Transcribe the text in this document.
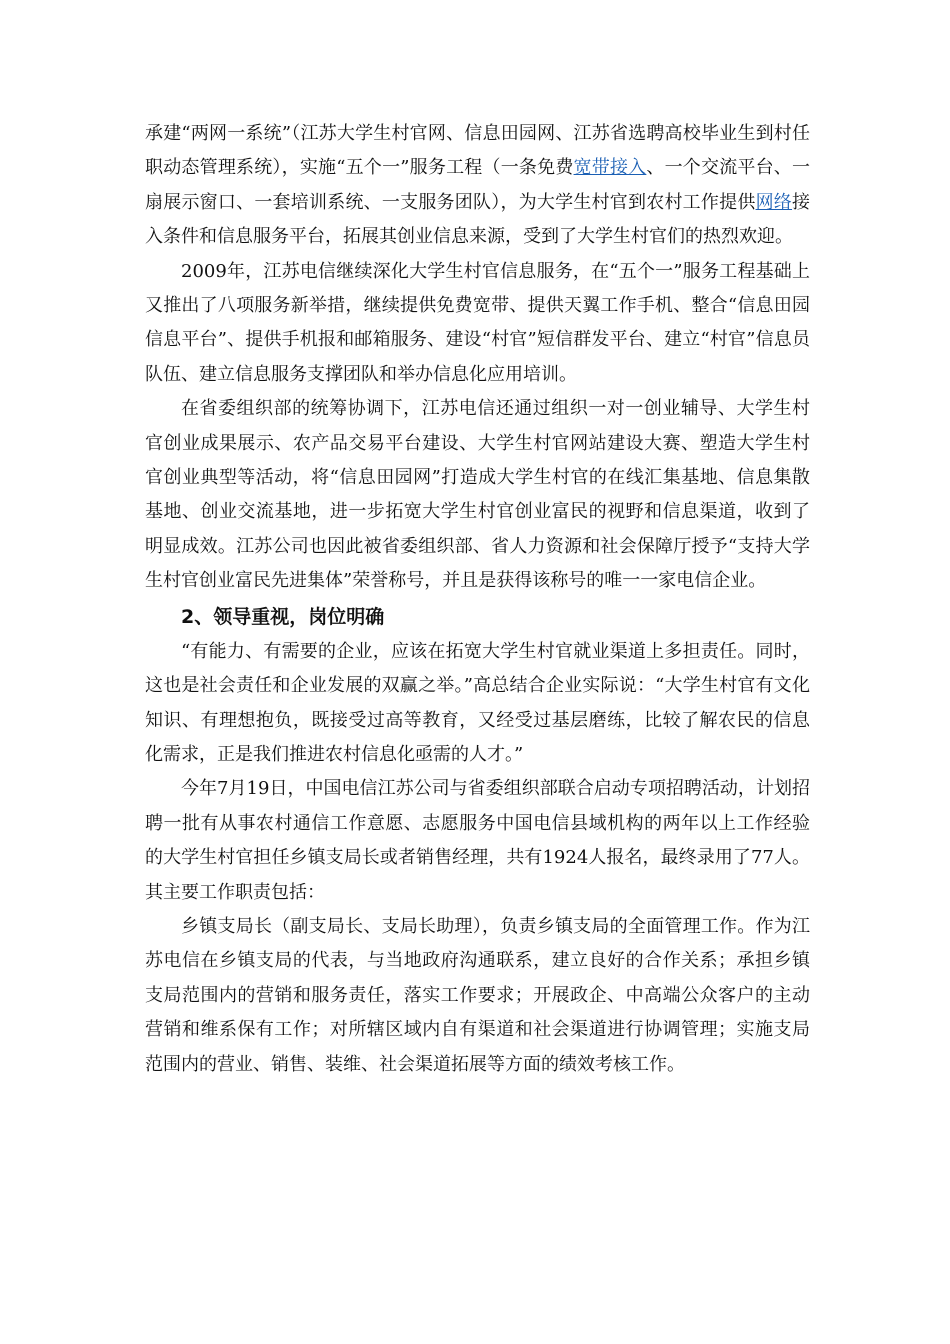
承建“两网一系统”（江苏大学生村官网、信息田园网、江苏省选聘高校毕业生到村任职动态管理系统），实施“五个一”服务工程（一条免费宽带接入、一个交流平台、一扇展示窗口、一套培训系统、一支服务团队），为大学生村官到农村工作提供网络接入条件和信息服务平台，拓展其创业信息来源，受到了大学生村官们的热烈欢迎。

2009年，江苏电信继续深化大学生村官信息服务，在“五个一”服务工程基础上又推出了八项服务新举措，继续提供免费宽带、提供天翼工作手机、整合“信息田园信息平台”、提供手机报和邮箱服务、建设“村官”短信群发平台、建立“村官”信息员队伍、建立信息服务支撑团队和举办信息化应用培训。

在省委组织部的统筹协调下，江苏电信还通过组织一对一创业辅导、大学生村官创业成果展示、农产品交易平台建设、大学生村官网站建设大赛、塑造大学生村官创业典型等活动，将“信息田园网”打造成大学生村官的在线汇集基地、信息集散基地、创业交流基地，进一步拓宽大学生村官创业富民的视野和信息渠道，收到了明显成效。江苏公司也因此被省委组织部、省人力资源和社会保障厅授予“支持大学生村官创业富民先进集体”荣誉称号，并且是获得该称号的唯一一家电信企业。

2、领导重视，岗位明确

“有能力、有需要的企业，应该在拓宽大学生村官就业渠道上多担责任。同时，这也是社会责任和企业发展的双赢之举。”高总结合企业实际说：“大学生村官有文化知识、有理想抱负，既接受过高等教育，又经受过基层磨练，比较了解农民的信息化需求，正是我们推进农村信息化亟需的人才。”

今年7月19日，中国电信江苏公司与省委组织部联合启动专项招聘活动，计划招聘一批有从事农村通信工作意愿、志愿服务中国电信县域机构的两年以上工作经验的大学生村官担任乡镇支局长或者销售经理，共有1924人报名，最终录用了77人。其主要工作职责包括：

乡镇支局长（副支局长、支局长助理），负责乡镇支局的全面管理工作。作为江苏电信在乡镇支局的代表，与当地政府沟通联系，建立良好的合作关系；承担乡镇支局范围内的营销和服务责任，落实工作要求；开展政企、中高端公众客户的主动营销和维系保有工作；对所辖区域内自有渠道和社会渠道进行协调管理；实施支局范围内的营业、销售、装维、社会渠道拓展等方面的绩效考核工作。
